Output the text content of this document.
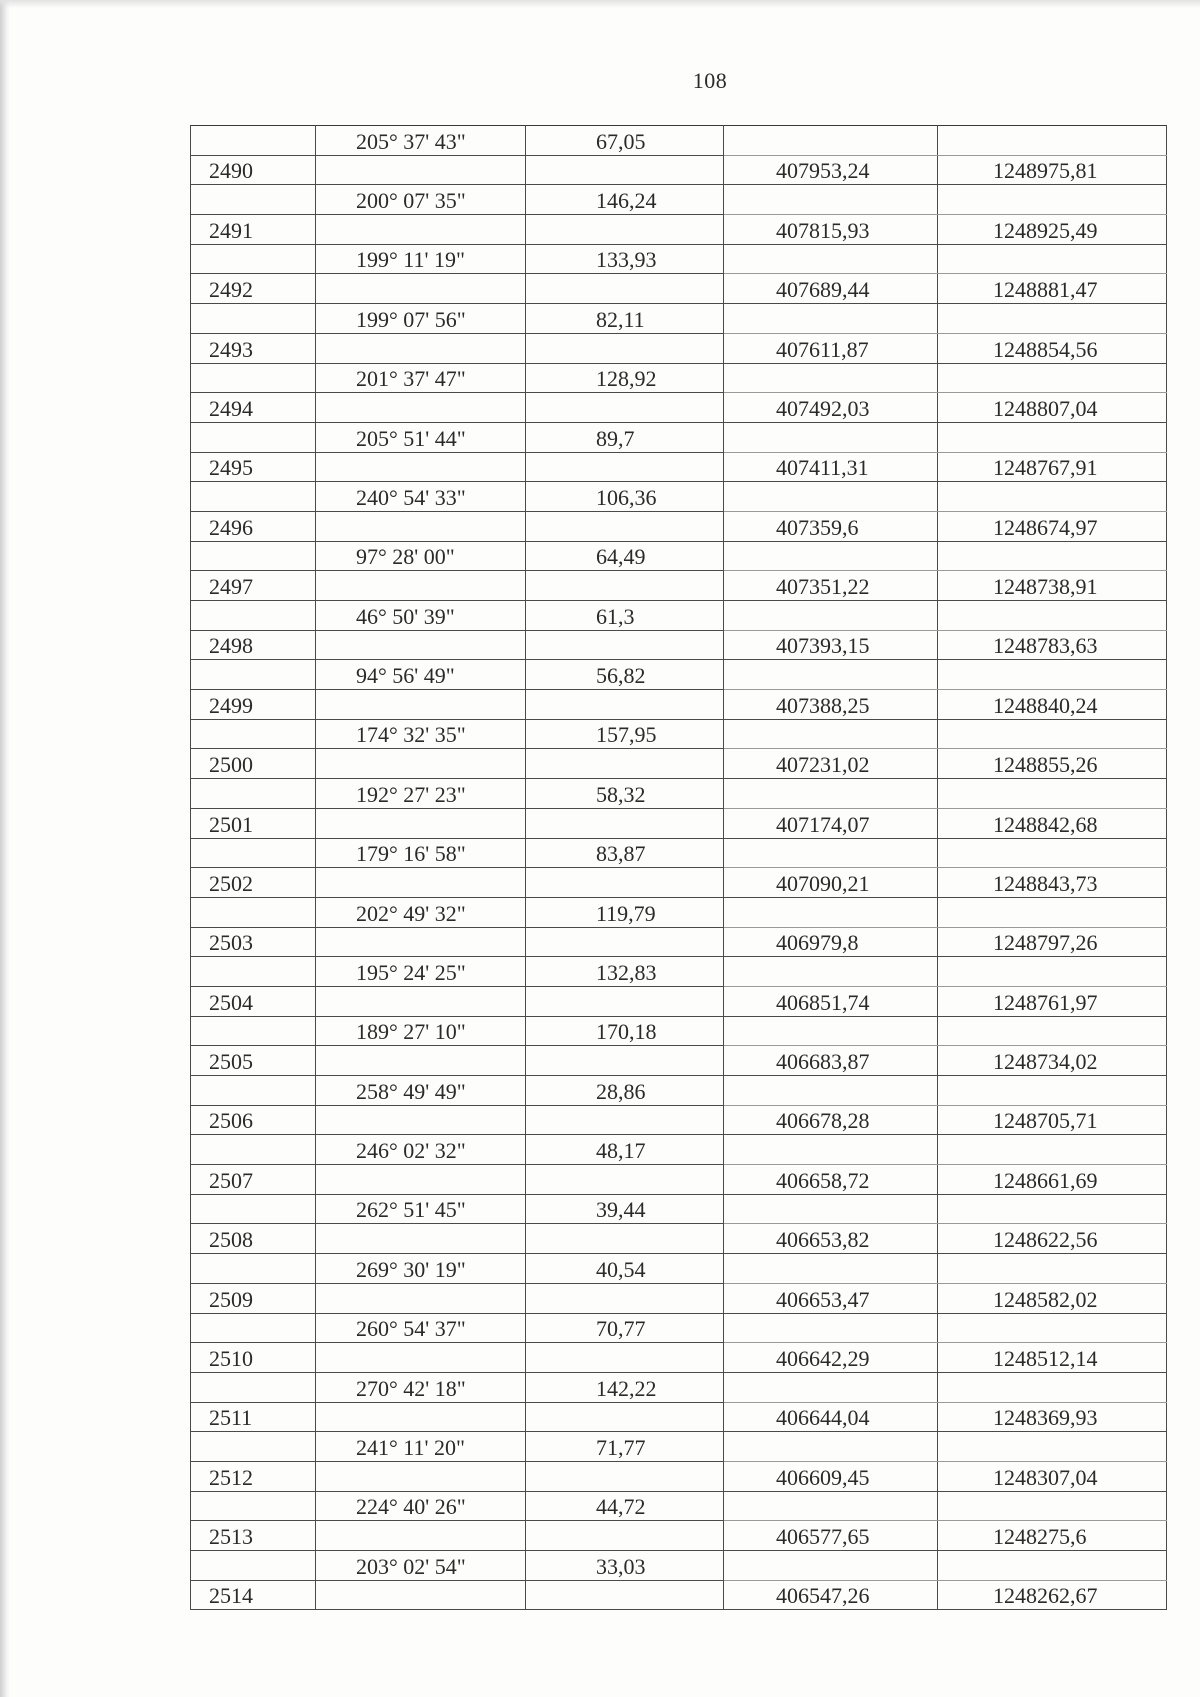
108
	205° 37' 43"	67,05		
2490			407953,24	1248975,81
	200° 07' 35"	146,24		
2491			407815,93	1248925,49
	199° 11' 19"	133,93		
2492			407689,44	1248881,47
	199° 07' 56"	82,11		
2493			407611,87	1248854,56
	201° 37' 47"	128,92		
2494			407492,03	1248807,04
	205° 51' 44"	89,7		
2495			407411,31	1248767,91
	240° 54' 33"	106,36		
2496			407359,6	1248674,97
	97° 28' 00"	64,49		
2497			407351,22	1248738,91
	46° 50' 39"	61,3		
2498			407393,15	1248783,63
	94° 56' 49"	56,82		
2499			407388,25	1248840,24
	174° 32' 35"	157,95		
2500			407231,02	1248855,26
	192° 27' 23"	58,32		
2501			407174,07	1248842,68
	179° 16' 58"	83,87		
2502			407090,21	1248843,73
	202° 49' 32"	119,79		
2503			406979,8	1248797,26
	195° 24' 25"	132,83		
2504			406851,74	1248761,97
	189° 27' 10"	170,18		
2505			406683,87	1248734,02
	258° 49' 49"	28,86		
2506			406678,28	1248705,71
	246° 02' 32"	48,17		
2507			406658,72	1248661,69
	262° 51' 45"	39,44		
2508			406653,82	1248622,56
	269° 30' 19"	40,54		
2509			406653,47	1248582,02
	260° 54' 37"	70,77		
2510			406642,29	1248512,14
	270° 42' 18"	142,22		
2511			406644,04	1248369,93
	241° 11' 20"	71,77		
2512			406609,45	1248307,04
	224° 40' 26"	44,72		
2513			406577,65	1248275,6
	203° 02' 54"	33,03		
2514			406547,26	1248262,67
